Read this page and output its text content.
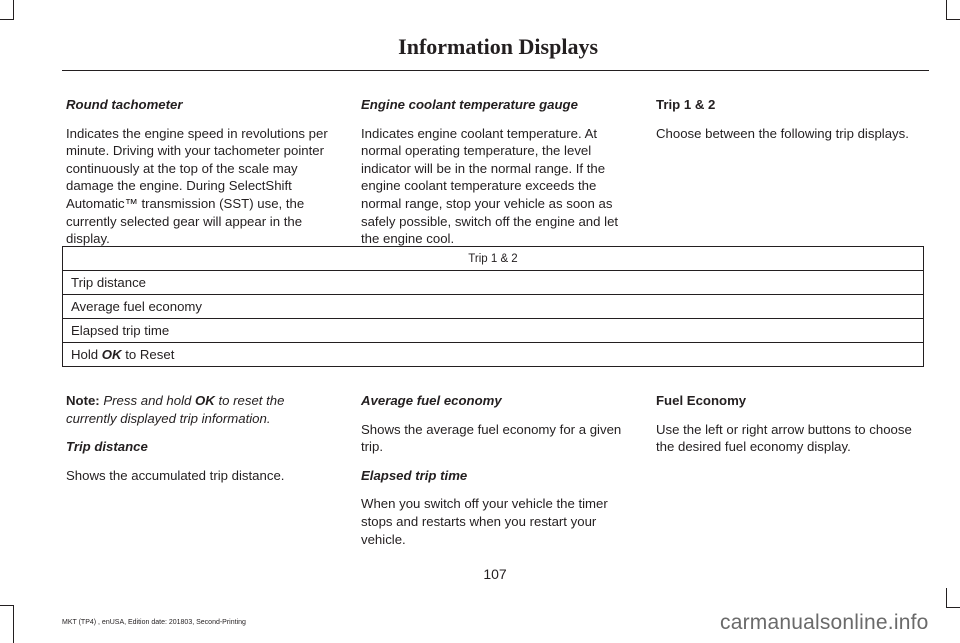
Information Displays

Round tachometer

Indicates the engine speed in revolutions per minute. Driving with your tachometer pointer continuously at the top of the scale may damage the engine. During SelectShift Automatic™ transmission (SST) use, the currently selected gear will appear in the display.

Engine coolant temperature gauge

Indicates engine coolant temperature. At normal operating temperature, the level indicator will be in the normal range. If the engine coolant temperature exceeds the normal range, stop your vehicle as soon as safely possible, switch off the engine and let the engine cool.

Trip 1 & 2

Choose between the following trip displays.

Trip 1 & 2
Trip distance
Average fuel economy
Elapsed trip time
Hold OK to Reset

Note: Press and hold OK to reset the currently displayed trip information.

Trip distance

Shows the accumulated trip distance.

Average fuel economy

Shows the average fuel economy for a given trip.

Elapsed trip time

When you switch off your vehicle the timer stops and restarts when you restart your vehicle.

Fuel Economy

Use the left or right arrow buttons to choose the desired fuel economy display.

107
MKT (TP4) , enUSA, Edition date: 201803, Second-Printing	carmanualsonline.info
